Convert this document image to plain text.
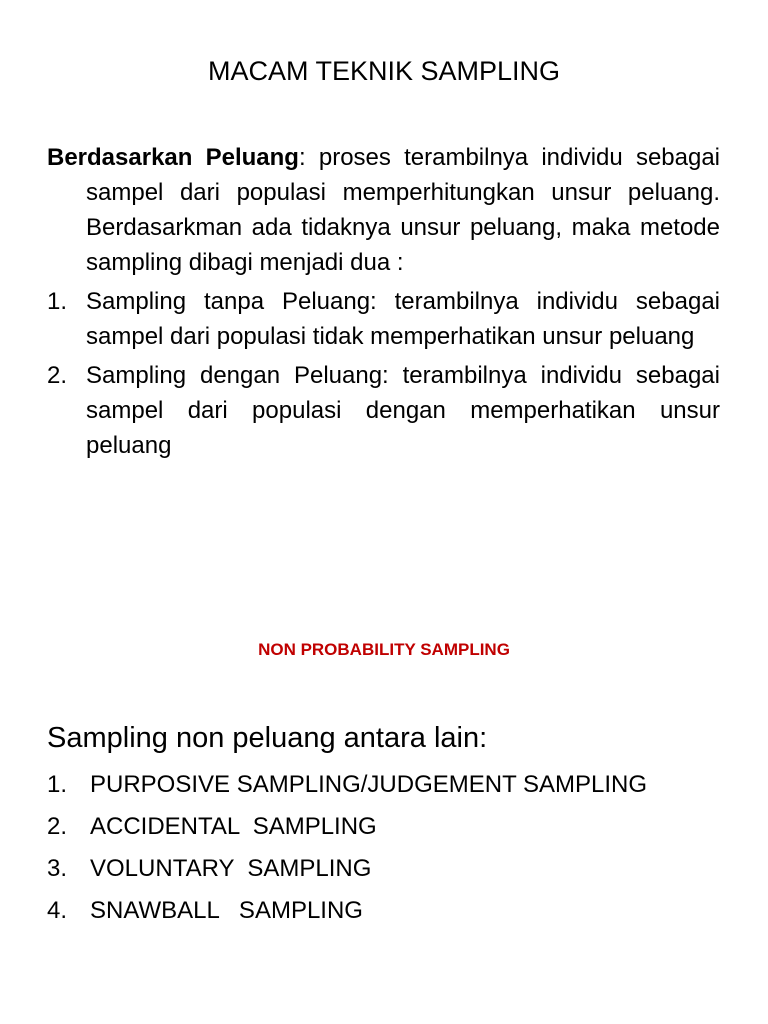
MACAM TEKNIK SAMPLING

Berdasarkan Peluang: proses terambilnya individu sebagai sampel dari populasi memperhitungkan unsur peluang. Berdasarkman ada tidaknya unsur peluang, maka metode sampling dibagi menjadi dua :

1. Sampling tanpa Peluang: terambilnya individu sebagai sampel dari populasi tidak memperhatikan unsur peluang
2. Sampling dengan Peluang: terambilnya individu sebagai sampel dari populasi dengan memperhatikan unsur peluang
NON PROBABILITY SAMPLING
Sampling non peluang antara lain:
1. PURPOSIVE SAMPLING/JUDGEMENT SAMPLING
2. ACCIDENTAL  SAMPLING
3. VOLUNTARY  SAMPLING
4. SNAWBALL   SAMPLING
